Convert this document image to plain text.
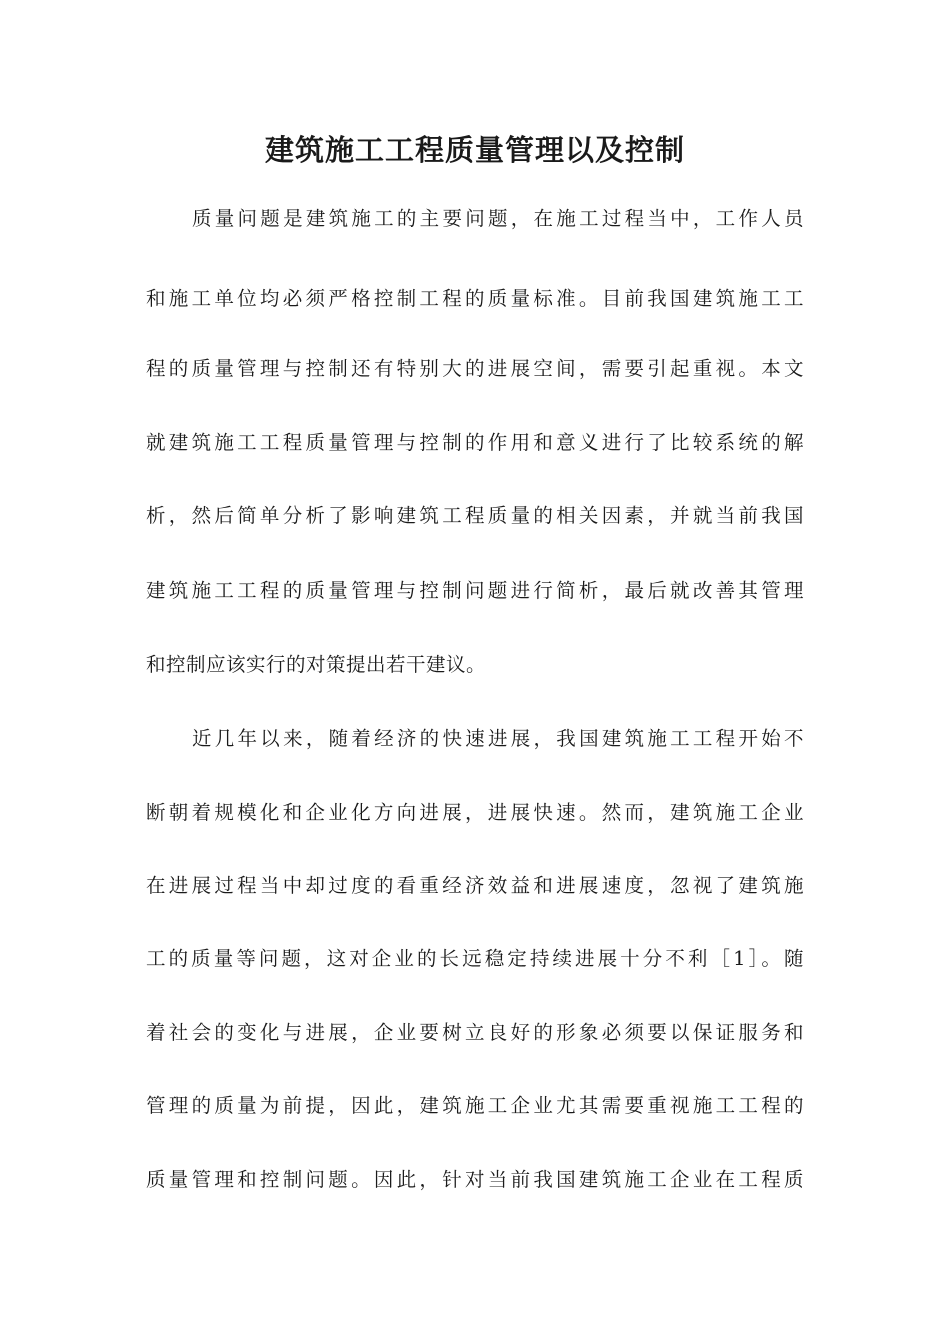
建筑施工工程质量管理以及控制
质量问题是建筑施工的主要问题，在施工过程当中，工作人员
和施工单位均必须严格控制工程的质量标准。目前我国建筑施工工
程的质量管理与控制还有特别大的进展空间，需要引起重视。本文
就建筑施工工程质量管理与控制的作用和意义进行了比较系统的解
析，然后简单分析了影响建筑工程质量的相关因素，并就当前我国
建筑施工工程的质量管理与控制问题进行简析，最后就改善其管理
和控制应该实行的对策提出若干建议。
近几年以来，随着经济的快速进展，我国建筑施工工程开始不
断朝着规模化和企业化方向进展，进展快速。然而，建筑施工企业
在进展过程当中却过度的看重经济效益和进展速度，忽视了建筑施
工的质量等问题，这对企业的长远稳定持续进展十分不利［1］。随
着社会的变化与进展，企业要树立良好的形象必须要以保证服务和
管理的质量为前提，因此，建筑施工企业尤其需要重视施工工程的
质量管理和控制问题。因此，针对当前我国建筑施工企业在工程质
